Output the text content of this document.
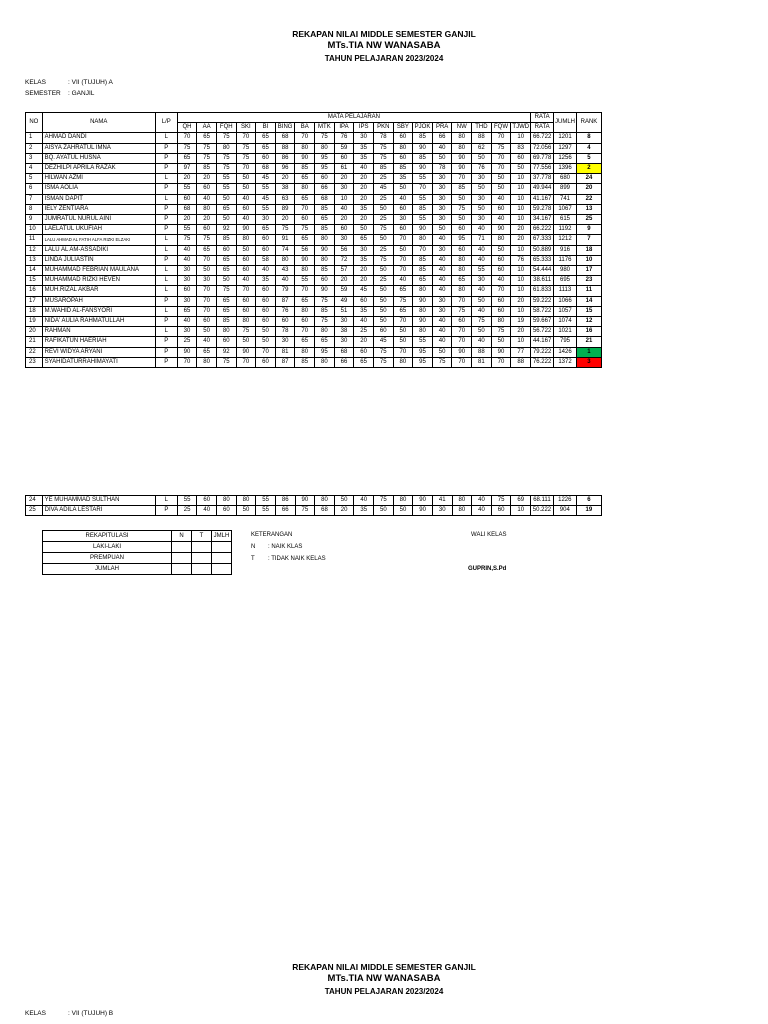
REKAPAN NILAI MIDDLE SEMESTER GANJIL
MTs.TIA NW WANASABA
TAHUN PELAJARAN 2023/2024
KELAS	: VII (TUJUH) A
SEMESTER : GANJIL
NO	NAMA	L/P	MATA PELAJARAN																		RATA	JUMLH	RANK
			QH	AA	FQH	SKI	BI	BING	BA	MTK	IPA	IPS	PKN	SBY	PJOK	PRA	NW	THD	FQW	TJWD	RATA		
1	AHMAD DANDI	L	70	65	75	70	65	68	70	75	76	30	78	60	85	66	80	88	70	10	66.722	1201	8
2	AISYA ZAHRATUL IMNA	P	75	75	80	75	65	88	80	80	59	35	75	80	90	40	80	62	75	83	72.056	1297	4
3	BQ. AYATUL HUSNA	P	65	75	75	75	60	86	90	95	60	35	75	60	85	50	90	50	70	60	69.778	1256	5
4	DEZHILPI APRILA RAZAK	P	97	85	75	70	68	96	85	95	61	40	85	85	90	78	90	76	70	50	77.556	1396	2
5	HILWAN AZMI	L	20	20	55	50	45	20	65	60	20	20	25	35	55	30	70	30	50	10	37.778	680	24
6	ISMA AOLIA	P	55	60	55	50	55	38	80	66	30	20	45	50	70	30	85	50	50	10	49.944	899	20
7	ISMAN DAPIT	L	60	40	50	40	45	63	65	68	10	20	25	40	55	30	50	30	40	10	41.167	741	22
8	IELY ZENTIARA	P	68	80	65	60	55	89	70	85	40	35	50	60	85	30	75	50	60	10	59.278	1067	13
9	JUMRATUL NURUL AINI	P	20	20	50	40	30	20	60	65	20	20	25	30	55	30	50	30	40	10	34.167	615	25
10	LAELATUL UKUFIAH	P	55	60	92	90	65	75	75	85	60	50	75	60	90	50	60	40	90	20	66.222	1192	9
11	LALU AHMAD AL FATIH ALFA RIZKI ELZAKI	L	75	75	85	80	60	91	65	80	30	65	50	70	80	40	95	71	80	20	67.333	1212	7
12	LALU AL AM-ASSADIKI	L	40	65	60	50	60	74	56	90	56	30	25	50	70	30	60	40	50	10	50.889	916	18
13	LINDA JULIASTIN	P	40	70	65	60	58	80	90	80	72	35	75	70	85	40	80	40	60	76	65.333	1176	10
14	MUHAMMAD FEBRIAN MAULANA	L	30	50	65	60	40	43	80	85	57	20	50	70	85	40	80	55	60	10	54.444	980	17
15	MUHAMMAD RIZKI HEVEN	L	30	30	50	40	35	40	55	60	20	20	25	40	65	40	65	30	40	10	38.611	695	23
16	MUH.RIZAL AKBAR	L	60	70	75	70	60	79	70	90	59	45	50	65	80	40	80	40	70	10	61.833	1113	11
17	MUSAROPAH	P	30	70	65	60	60	87	65	75	49	60	50	75	90	30	70	50	60	20	59.222	1066	14
18	M.WAHID AL-FANSYORI	L	65	70	65	60	60	76	80	85	51	35	50	65	80	30	75	40	60	10	58.722	1057	15
19	NIDA' AULIA RAHMATULLAH	P	40	60	85	80	60	60	60	75	30	40	50	70	90	40	60	75	80	19	59.667	1074	12
20	RAHMAN	L	30	50	80	75	50	78	70	80	38	25	60	50	80	40	70	50	75	20	56.722	1021	16
21	RAFIKATUN HAERIAH	P	25	40	60	50	50	30	65	65	30	20	45	50	55	40	70	40	50	10	44.167	795	21
22	REVI WIDYA ARYANI	P	90	65	92	90	70	81	80	95	68	60	75	70	95	50	90	88	90	77	79.222	1426	1
23	SYAHIDATURRAHIMAYATI	P	70	80	75	70	60	87	85	80	66	65	75	80	95	75	70	81	70	88	76.222	1372	3
24	YE MUHAMMAD SULTHAN	L	55	60	80	80	55	86	90	80	50	40	75	80	90	41	80	40	75	69	68.111	1226	6
25	DIVA ADILA LESTARI	P	25	40	60	50	55	66	75	68	20	35	50	50	90	30	80	40	60	10	50.222	904	19
REKAPITULASI	N	T	JMLH
LAKI-LAKI			
PREMPUAN			
JUMLAH			
KETERANGAN
N : NAIK KLAS
T : TIDAK NAIK KELAS
WALI KELAS
GUPRIN,S.Pd
REKAPAN NILAI MIDDLE SEMESTER GANJIL
MTs.TIA NW WANASABA
TAHUN PELAJARAN 2023/2024
KELAS	: VII (TUJUH) B
